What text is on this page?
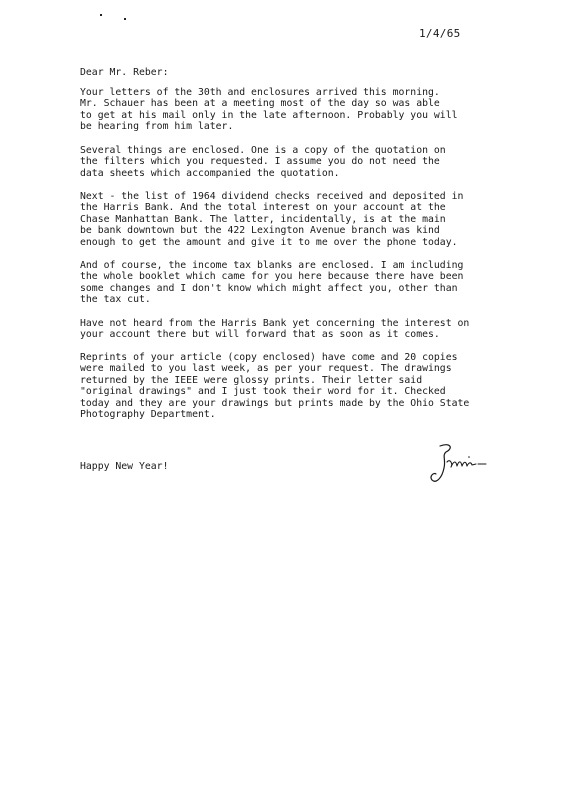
1/4/65
Dear Mr. Reber:

Your letters of the 30th and enclosures arrived this morning.
Mr. Schauer has been at a meeting most of the day so was able
to get at his mail only in the late afternoon. Probably you will
be hearing from him later.

Several things are enclosed. One is a copy of the quotation on
the filters which you requested. I assume you do not need the
data sheets which accompanied the quotation.

Next - the list of 1964 dividend checks received and deposited in
the Harris Bank. And the total interest on your account at the
Chase Manhattan Bank. The latter, incidentally, is at the main
be bank downtown but the 422 Lexington Avenue branch was kind
enough to get the amount and give it to me over the phone today.

And of course, the income tax blanks are enclosed. I am including
the whole booklet which came for you here because there have been
some changes and I don't know which might affect you, other than
the tax cut.

Have not heard from the Harris Bank yet concerning the interest on
your account there but will forward that as soon as it comes.

Reprints of your article (copy enclosed) have come and 20 copies
were mailed to you last week, as per your request. The drawings
returned by the IEEE were glossy prints. Their letter said
"original drawings" and I just took their word for it. Checked
today and they are your drawings but prints made by the Ohio State
Photography Department.

Happy New Year!
